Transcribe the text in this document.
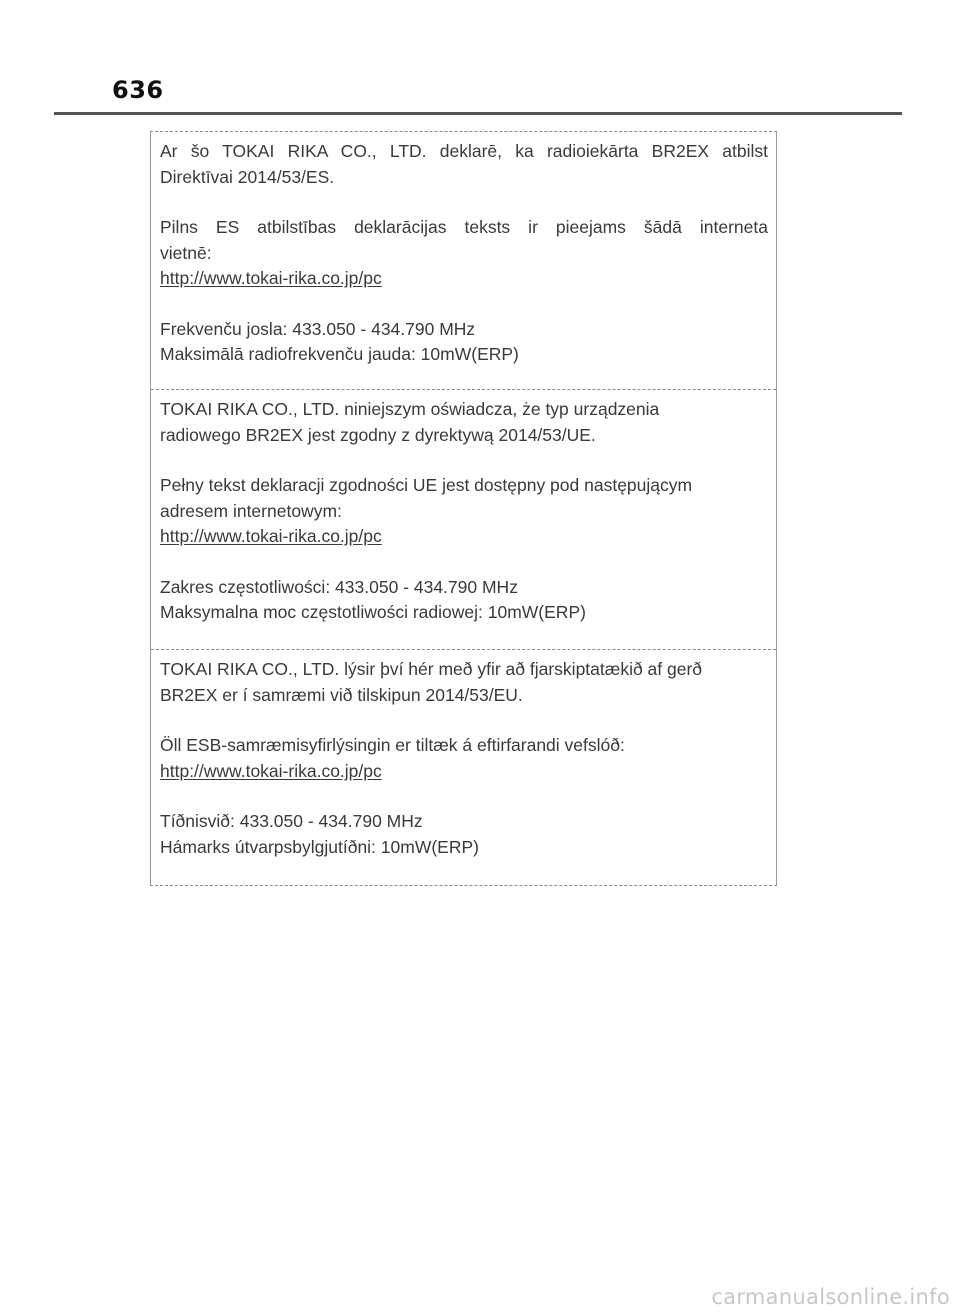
636

Ar šo TOKAI RIKA CO., LTD. deklarē, ka radioiekārta BR2EX atbilst

Direktīvai 2014/53/ES.

Pilns ES atbilstības deklarācijas teksts ir pieejams šādā interneta

vietnē:

http://www.tokai-rika.co.jp/pc

Frekvenču josla: 433.050 - 434.790 MHz

Maksimālā radiofrekvenču jauda: 10mW(ERP)

TOKAI RIKA CO., LTD. niniejszym oświadcza, że typ urządzenia

radiowego BR2EX jest zgodny z dyrektywą 2014/53/UE.

Pełny tekst deklaracji zgodności UE jest dostępny pod następującym

adresem internetowym:

http://www.tokai-rika.co.jp/pc

Zakres częstotliwości: 433.050 - 434.790 MHz

Maksymalna moc częstotliwości radiowej: 10mW(ERP)

TOKAI RIKA CO., LTD. lýsir því hér með yfir að fjarskiptatækið af gerð

BR2EX er í samræmi við tilskipun 2014/53/EU.

Öll ESB-samræmisyfirlýsingin er tiltæk á eftirfarandi vefslóð:

http://www.tokai-rika.co.jp/pc

Tíðnisvið: 433.050 - 434.790 MHz

Hámarks útvarpsbylgjutíðni: 10mW(ERP)

carmanualsonline.info
